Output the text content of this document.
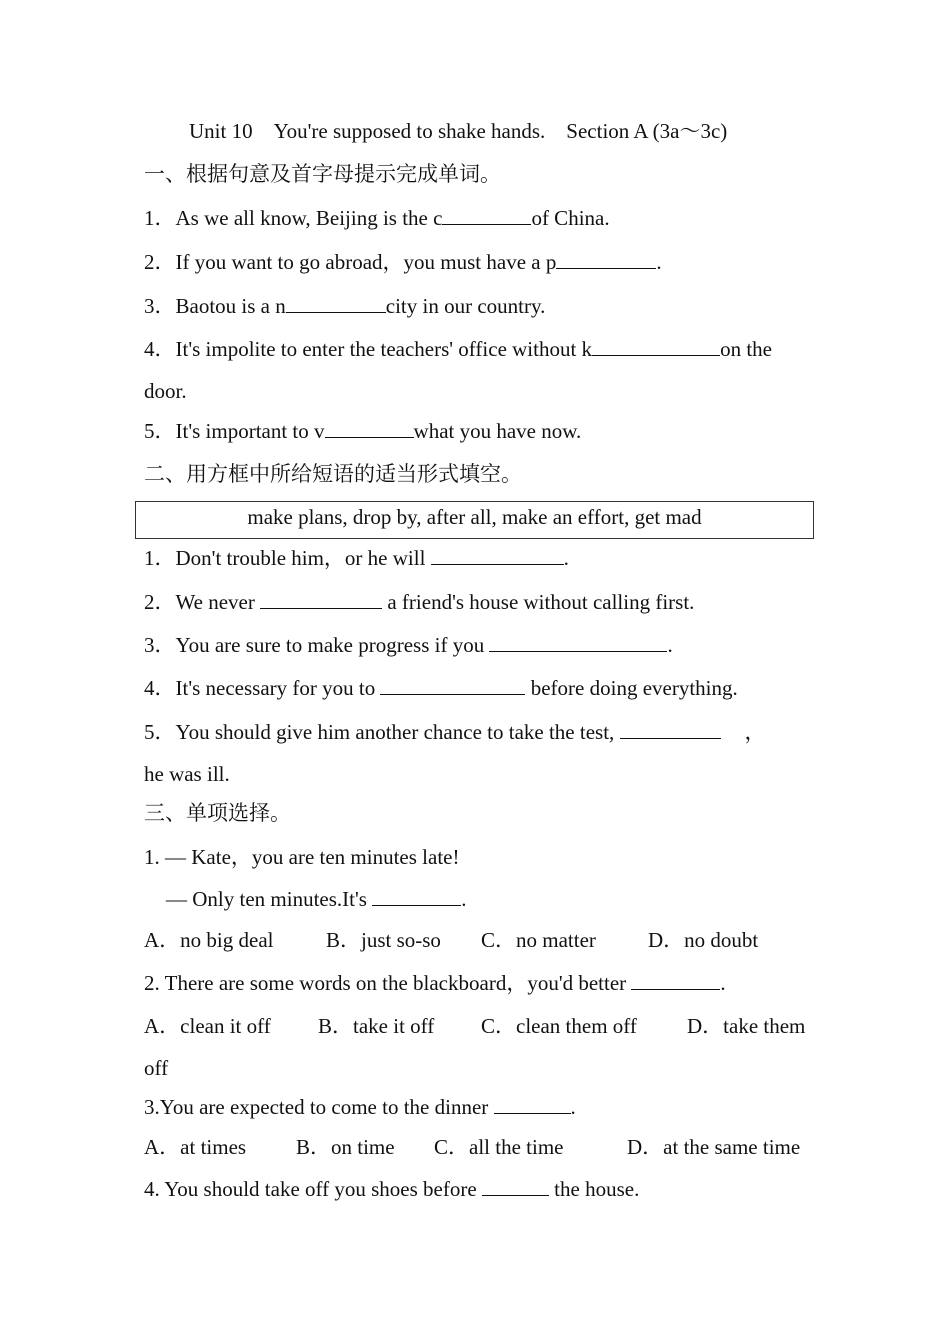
Unit 10　You're supposed to shake hands.　Section A (3a～3c)
一、根据句意及首字母提示完成单词。
1．As we all know, Beijing is the c	of China.
2．If you want to go abroad，you must have a p	.
3．Baotou is a n	city in our country.
4．It's impolite to enter the teachers' office without k	on the
door.
5．It's important to v	what you have now.
二、用方框中所给短语的适当形式填空。
make plans, drop by, after all, make an effort, get mad
1．Don't trouble him，or he will	.
2．We never	a friend's house without calling first.
3．You are sure to make progress if you	.
4．It's necessary for you to	before doing everything.
5．You should give him another chance to take the test,	，
he was ill.
三、单项选择。
1. — Kate，you are ten minutes late!
— Only ten minutes.It's	.
A．no big deal	B．just so-so C．no matter D．no doubt
2. There are some words on the blackboard，you'd better	.
A．clean it off B．take it off C．clean them off D．take them
off
3.You are expected to come to the dinner	.
A．at times B．on time C．all the time	D．at the same time
4. You should take off you shoes before	the house.
